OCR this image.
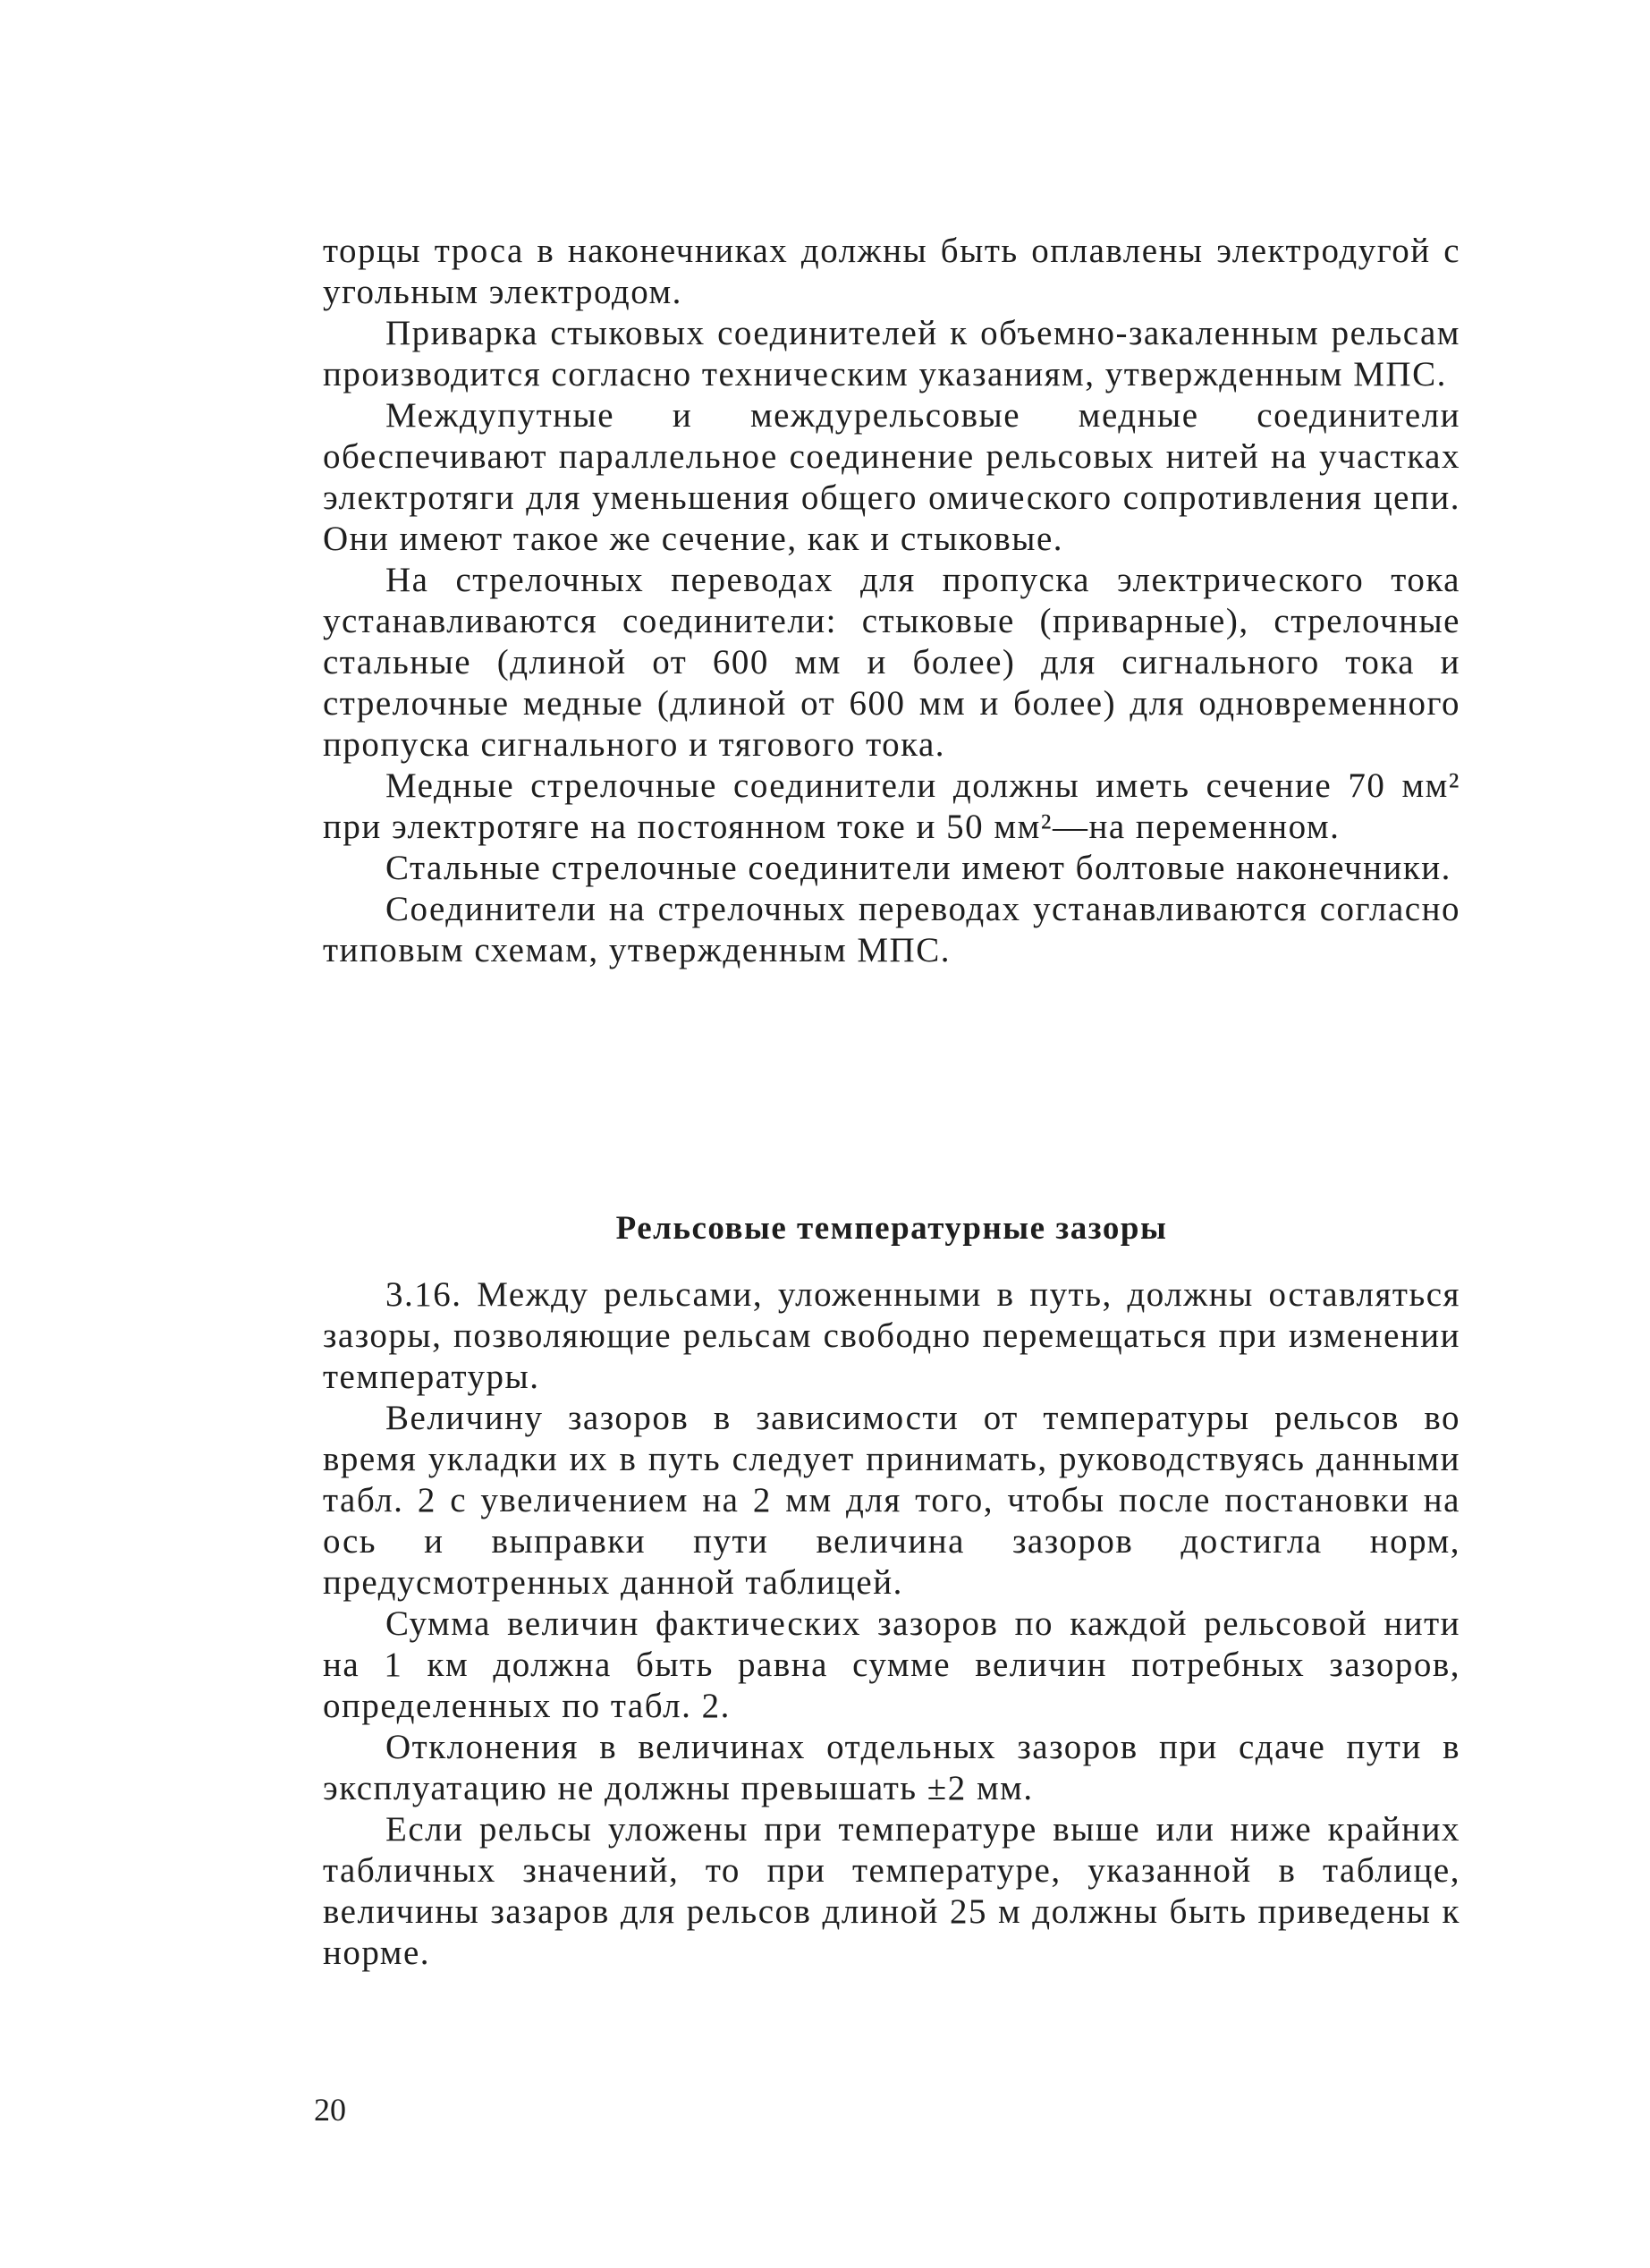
торцы троса в наконечниках должны быть оплавлены электродугой с угольным электродом.

Приварка стыковых соединителей к объемно-закаленным рельсам производится согласно техническим указаниям, утвержденным МПС.

Междупутные и междурельсовые медные соединители обеспечивают параллельное соединение рельсовых нитей на участках электротяги для уменьшения общего омического сопротивления цепи. Они имеют такое же сечение, как и стыковые.

На стрелочных переводах для пропуска электрического тока устанавливаются соединители: стыковые (приварные), стрелочные стальные (длиной от 600 мм и более) для сигнального тока и стрелочные медные (длиной от 600 мм и более) для одновременного пропуска сигнального и тягового тока.

Медные стрелочные соединители должны иметь сечение 70 мм² при электротяге на постоянном токе и 50 мм²—на переменном.

Стальные стрелочные соединители имеют болтовые наконечники.

Соединители на стрелочных переводах устанавливаются согласно типовым схемам, утвержденным МПС.

Рельсовые температурные зазоры

3.16. Между рельсами, уложенными в путь, должны оставляться зазоры, позволяющие рельсам свободно перемещаться при изменении температуры.

Величину зазоров в зависимости от температуры рельсов во время укладки их в путь следует принимать, руководствуясь данными табл. 2 с увеличением на 2 мм для того, чтобы после постановки на ось и выправки пути величина зазоров достигла норм, предусмотренных данной таблицей.

Сумма величин фактических зазоров по каждой рельсовой нити на 1 км должна быть равна сумме величин потребных зазоров, определенных по табл. 2.

Отклонения в величинах отдельных зазоров при сдаче пути в эксплуатацию не должны превышать ±2 мм.

Если рельсы уложены при температуре выше или ниже крайних табличных значений, то при температуре, указанной в таблице, величины зазаров для рельсов длиной 25 м должны быть приведены к норме.

20
